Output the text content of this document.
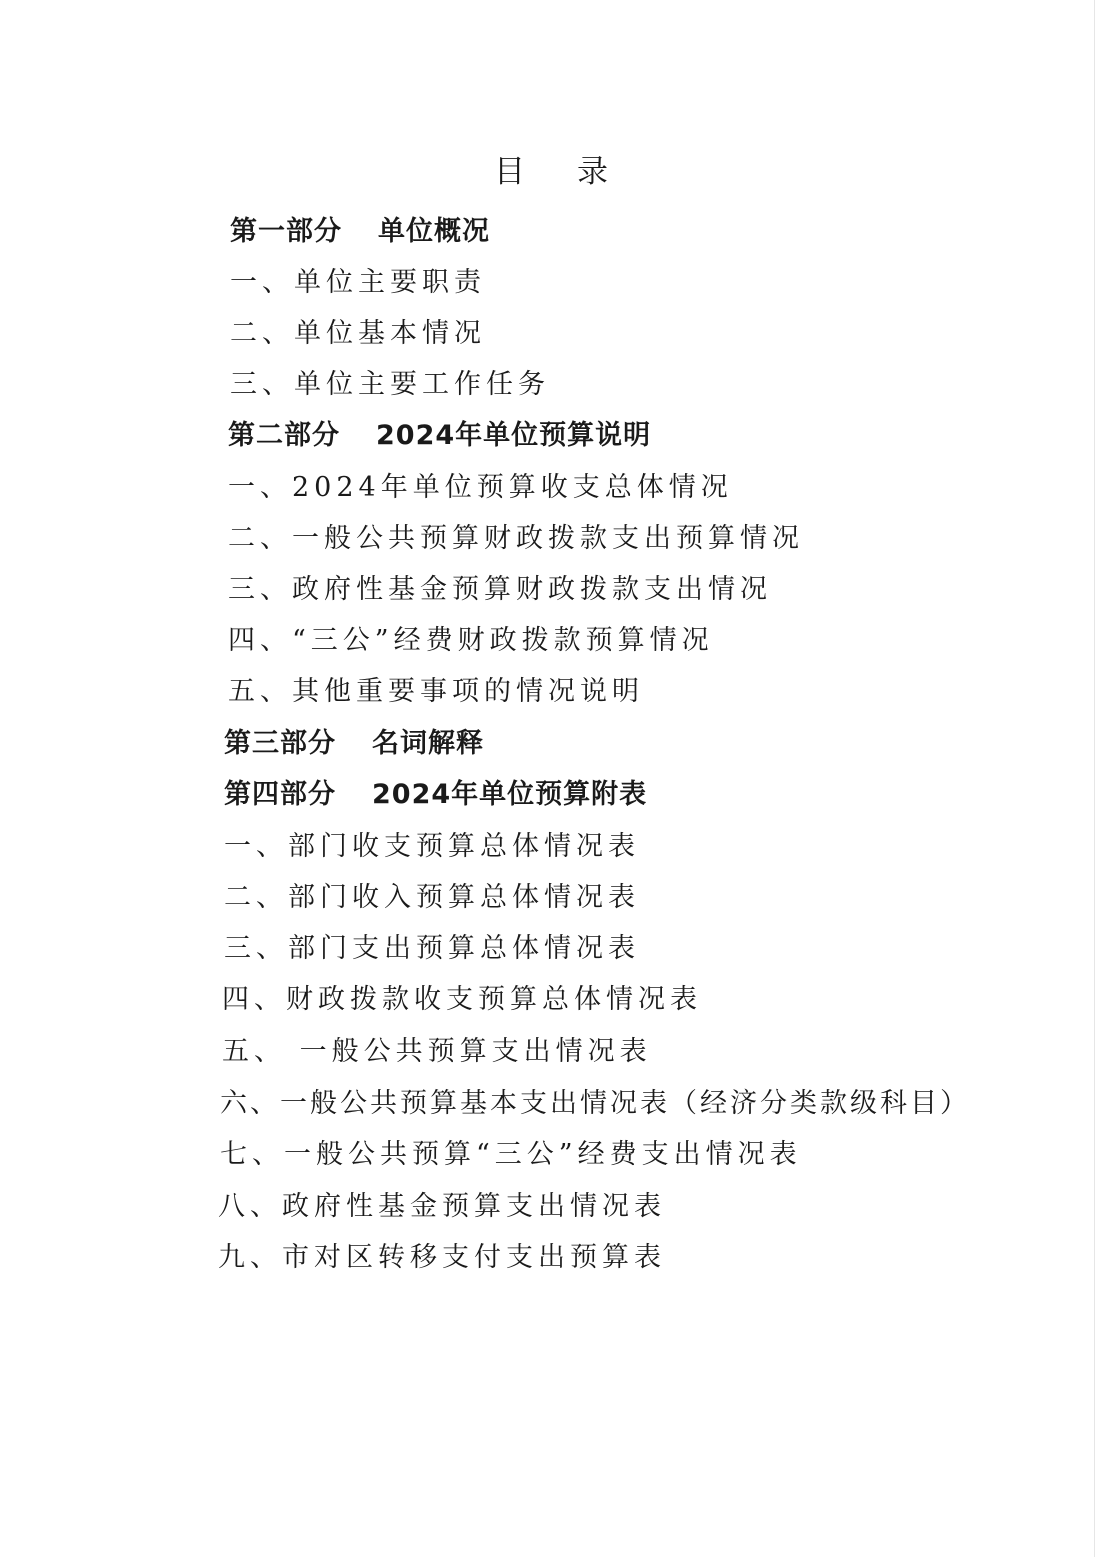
目录
第一部分 单位概况
一、单位主要职责
二、单位基本情况
三、单位主要工作任务
第二部分 2024年单位预算说明
一、2024年单位预算收支总体情况
二、一般公共预算财政拨款支出预算情况
三、政府性基金预算财政拨款支出情况
四、“三公”经费财政拨款预算情况
五、其他重要事项的情况说明
第三部分 名词解释
第四部分 2024年单位预算附表
一、部门收支预算总体情况表
二、部门收入预算总体情况表
三、部门支出预算总体情况表
四、财政拨款收支预算总体情况表
五、 一般公共预算支出情况表
六、一般公共预算基本支出情况表（经济分类款级科目）
七、一般公共预算“三公”经费支出情况表
八、政府性基金预算支出情况表
九、市对区转移支付支出预算表
